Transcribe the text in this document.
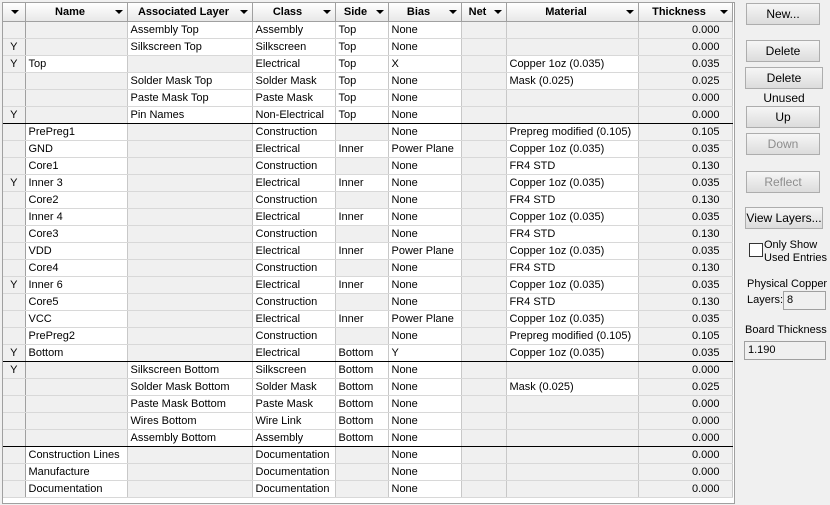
	Name	Associated Layer	Class	Side	Bias	Net	Material	Thickness

		Assembly Top	Assembly	Top	None			0.000
Y		Silkscreen Top	Silkscreen	Top	None			0.000
Y	Top		Electrical	Top	X		Copper 1oz (0.035)	0.035
		Solder Mask Top	Solder Mask	Top	None		Mask (0.025)	0.025
		Paste Mask Top	Paste Mask	Top	None			0.000
Y		Pin Names	Non-Electrical	Top	None			0.000
	PrePreg1		Construction		None		Prepreg modified (0.105)	0.105
	GND		Electrical	Inner	Power Plane		Copper 1oz (0.035)	0.035
	Core1		Construction		None		FR4 STD	0.130
Y	Inner 3		Electrical	Inner	None		Copper 1oz (0.035)	0.035
	Core2		Construction		None		FR4 STD	0.130
	Inner 4		Electrical	Inner	None		Copper 1oz (0.035)	0.035
	Core3		Construction		None		FR4 STD	0.130
	VDD		Electrical	Inner	Power Plane		Copper 1oz (0.035)	0.035
	Core4		Construction		None		FR4 STD	0.130
Y	Inner 6		Electrical	Inner	None		Copper 1oz (0.035)	0.035
	Core5		Construction		None		FR4 STD	0.130
	VCC		Electrical	Inner	Power Plane		Copper 1oz (0.035)	0.035
	PrePreg2		Construction		None		Prepreg modified (0.105)	0.105
Y	Bottom		Electrical	Bottom	Y		Copper 1oz (0.035)	0.035
Y		Silkscreen Bottom	Silkscreen	Bottom	None			0.000
		Solder Mask Bottom	Solder Mask	Bottom	None		Mask (0.025)	0.025
		Paste Mask Bottom	Paste Mask	Bottom	None			0.000
		Wires Bottom	Wire Link	Bottom	None			0.000
		Assembly Bottom	Assembly	Bottom	None			0.000
	Construction Lines		Documentation		None			0.000
	Manufacture		Documentation		None			0.000
	Documentation		Documentation		None			0.000
New...
Delete
Delete Unused
Up
Down
Reflect
View Layers...
Only Show
Used Entries
Physical Copper
Layers: 8
Board Thickness
1.190
